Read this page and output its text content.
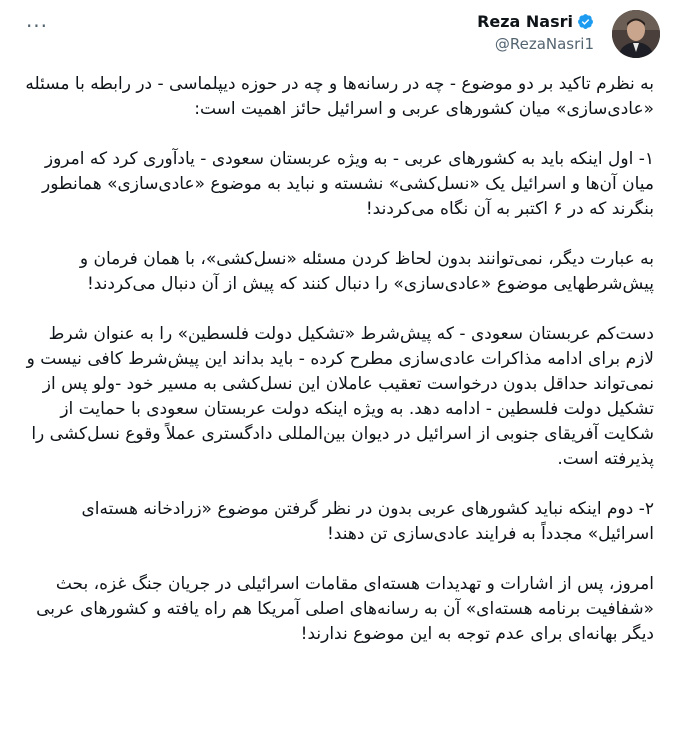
···	Reza Nasri
@RezaNasri1

به نظرم تاکید بر دو موضوع - چه در رسانه‌ها و چه در حوزه دیپلماسی - در رابطه با مسئله «عادی‌سازی» میان کشورهای عربی و اسرائیل حائز اهمیت است:

۱- اول اینکه باید به کشورهای عربی - به ویژه عربستان سعودی - یادآوری کرد که امروز میان آن‌ها و اسرائیل یک «نسل‌کشی» نشسته و نباید به موضوع «عادی‌سازی» همانطور بنگرند که در ۶ اکتبر به آن نگاه می‌کردند!

به عبارت دیگر، نمی‌توانند بدون لحاظ کردن مسئله «نسل‌کشی»، با همان فرمان و پیش‌شرطهایی موضوع «عادی‌سازی» را دنبال کنند که پیش از آن دنبال می‌کردند!

دست‌کم عربستان سعودی - که پیش‌شرط «تشکیل دولت فلسطین» را به عنوان شرط لازم برای ادامه مذاکرات عادی‌سازی مطرح کرده - باید بداند این پیش‌شرط کافی نیست و نمی‌تواند حداقل بدون درخواست تعقیب عاملان این نسل‌کشی به مسیر خود -ولو پس از تشکیل دولت فلسطین - ادامه دهد. به ویژه اینکه دولت عربستان سعودی با حمایت از شکایت آفریقای جنوبی از اسرائیل در دیوان بین‌المللی دادگستری عملاً وقوع نسل‌کشی را پذیرفته است.

۲- دوم اینکه نباید کشورهای عربی بدون در نظر گرفتن موضوع «زرادخانه هسته‌ای اسرائیل» مجدداً به فرایند عادی‌سازی تن دهند!

امروز، پس از اشارات و تهدیدات هسته‌ای مقامات اسرائیلی در جریان جنگ غزه، بحث «شفافیت برنامه هسته‌ای» آن به رسانه‌های اصلی آمریکا هم راه یافته و کشورهای عربی دیگر بهانه‌ای برای عدم توجه به این موضوع ندارند!
